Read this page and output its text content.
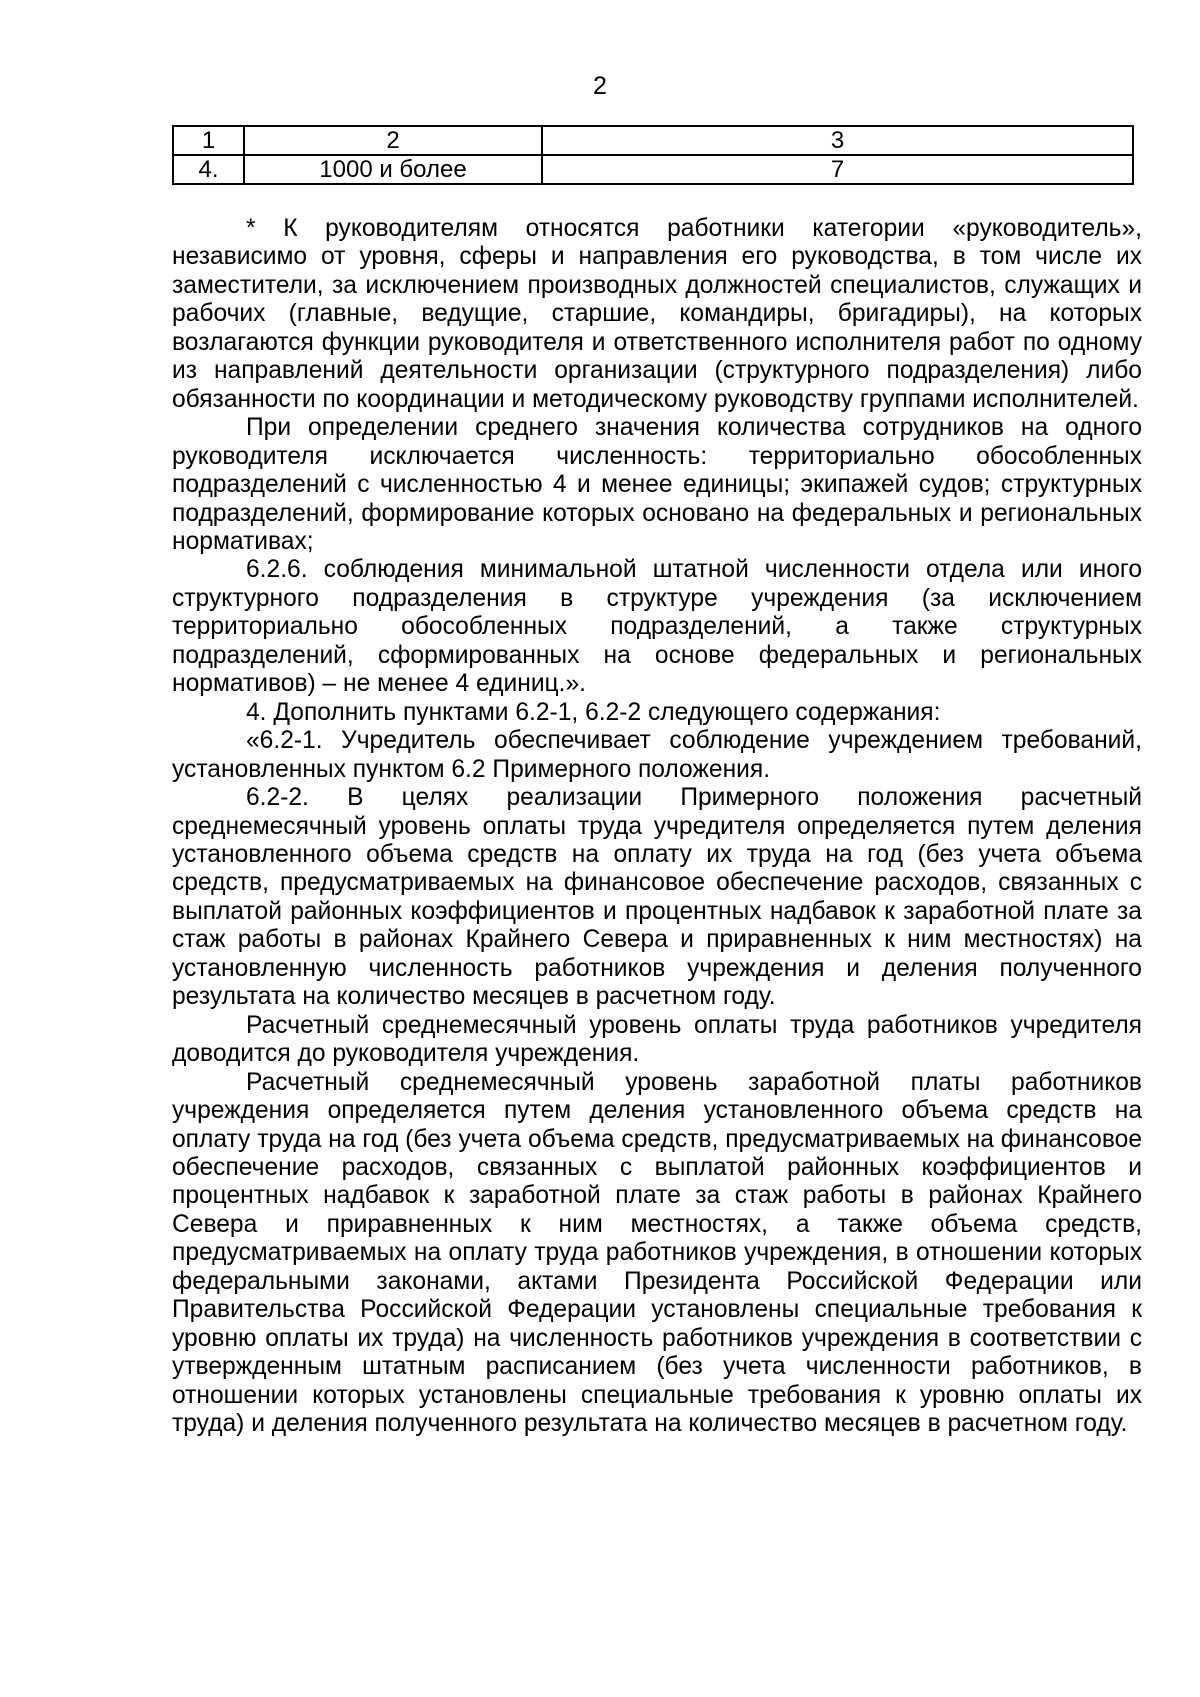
2
1	2	3
4.	1000 и более	7

* К руководителям относятся работники категории «руководитель», независимо от уровня, сферы и направления его руководства, в том числе их заместители, за исключением производных должностей специалистов, служащих и рабочих (главные, ведущие, старшие, командиры, бригадиры), на которых возлагаются функции руководителя и ответственного исполнителя работ по одному из направлений деятельности организации (структурного подразделения) либо обязанности по координации и методическому руководству группами исполнителей.

При определении среднего значения количества сотрудников на одного руководителя исключается численность: территориально обособленных подразделений с численностью 4 и менее единицы; экипажей судов; структурных подразделений, формирование которых основано на федеральных и региональных нормативах;

6.2.6. соблюдения минимальной штатной численности отдела или иного структурного подразделения в структуре учреждения (за исключением территориально обособленных подразделений, а также структурных подразделений, сформированных на основе федеральных и региональных нормативов) – не менее 4 единиц.».

4. Дополнить пунктами 6.2-1, 6.2-2 следующего содержания:

«6.2-1. Учредитель обеспечивает соблюдение учреждением требований, установленных пунктом 6.2 Примерного положения.

6.2-2. В целях реализации Примерного положения расчетный среднемесячный уровень оплаты труда учредителя определяется путем деления установленного объема средств на оплату их труда на год (без учета объема средств, предусматриваемых на финансовое обеспечение расходов, связанных с выплатой районных коэффициентов и процентных надбавок к заработной плате за стаж работы в районах Крайнего Севера и приравненных к ним местностях) на установленную численность работников учреждения и деления полученного результата на количество месяцев в расчетном году.

Расчетный среднемесячный уровень оплаты труда работников учредителя доводится до руководителя учреждения.

Расчетный среднемесячный уровень заработной платы работников учреждения определяется путем деления установленного объема средств на оплату труда на год (без учета объема средств, предусматриваемых на финансовое обеспечение расходов, связанных с выплатой районных коэффициентов и процентных надбавок к заработной плате за стаж работы в районах Крайнего Севера и приравненных к ним местностях, а также объема средств, предусматриваемых на оплату труда работников учреждения, в отношении которых федеральными законами, актами Президента Российской Федерации или Правительства Российской Федерации установлены специальные требования к уровню оплаты их труда) на численность работников учреждения в соответствии с утвержденным штатным расписанием (без учета численности работников, в отношении которых установлены специальные требования к уровню оплаты их труда) и деления полученного результата на количество месяцев в расчетном году.
